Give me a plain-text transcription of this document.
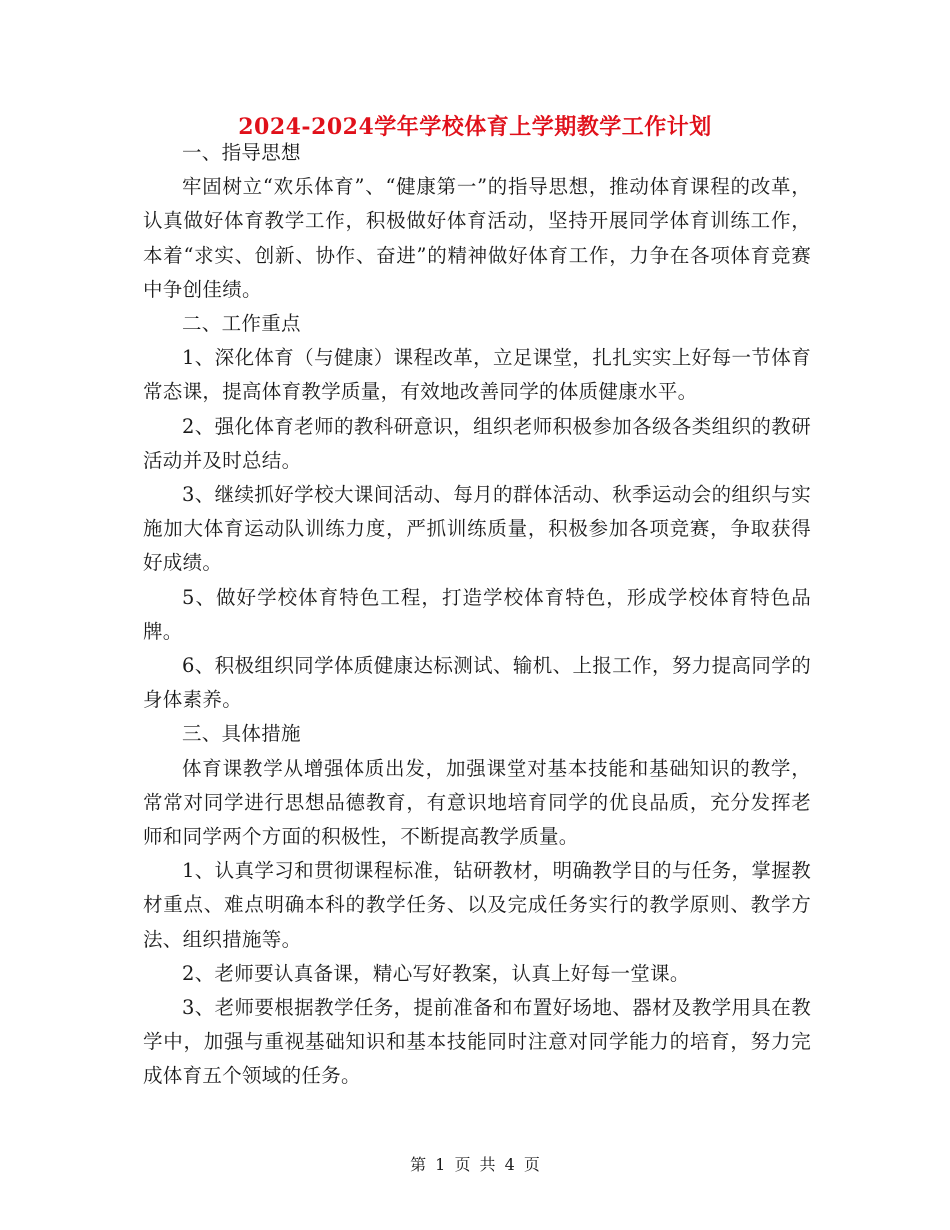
2024-2024学年学校体育上学期教学工作计划

一、指导思想

牢固树立“欢乐体育”、“健康第一”的指导思想，推动体育课程的改革，认真做好体育教学工作，积极做好体育活动，坚持开展同学体育训练工作，本着“求实、创新、协作、奋进”的精神做好体育工作，力争在各项体育竞赛中争创佳绩。

二、工作重点

1、深化体育（与健康）课程改革，立足课堂，扎扎实实上好每一节体育常态课，提高体育教学质量，有效地改善同学的体质健康水平。

2、强化体育老师的教科研意识，组织老师积极参加各级各类组织的教研活动并及时总结。

3、继续抓好学校大课间活动、每月的群体活动、秋季运动会的组织与实施加大体育运动队训练力度，严抓训练质量，积极参加各项竞赛，争取获得好成绩。

5、做好学校体育特色工程，打造学校体育特色，形成学校体育特色品牌。

6、积极组织同学体质健康达标测试、输机、上报工作，努力提高同学的身体素养。

三、具体措施

体育课教学从增强体质出发，加强课堂对基本技能和基础知识的教学，常常对同学进行思想品德教育，有意识地培育同学的优良品质，充分发挥老师和同学两个方面的积极性，不断提高教学质量。

1、认真学习和贯彻课程标准，钻研教材，明确教学目的与任务，掌握教材重点、难点明确本科的教学任务、以及完成任务实行的教学原则、教学方法、组织措施等。

2、老师要认真备课，精心写好教案，认真上好每一堂课。

3、老师要根据教学任务，提前准备和布置好场地、器材及教学用具在教学中，加强与重视基础知识和基本技能同时注意对同学能力的培育，努力完成体育五个领域的任务。

第 1 页 共 4 页
